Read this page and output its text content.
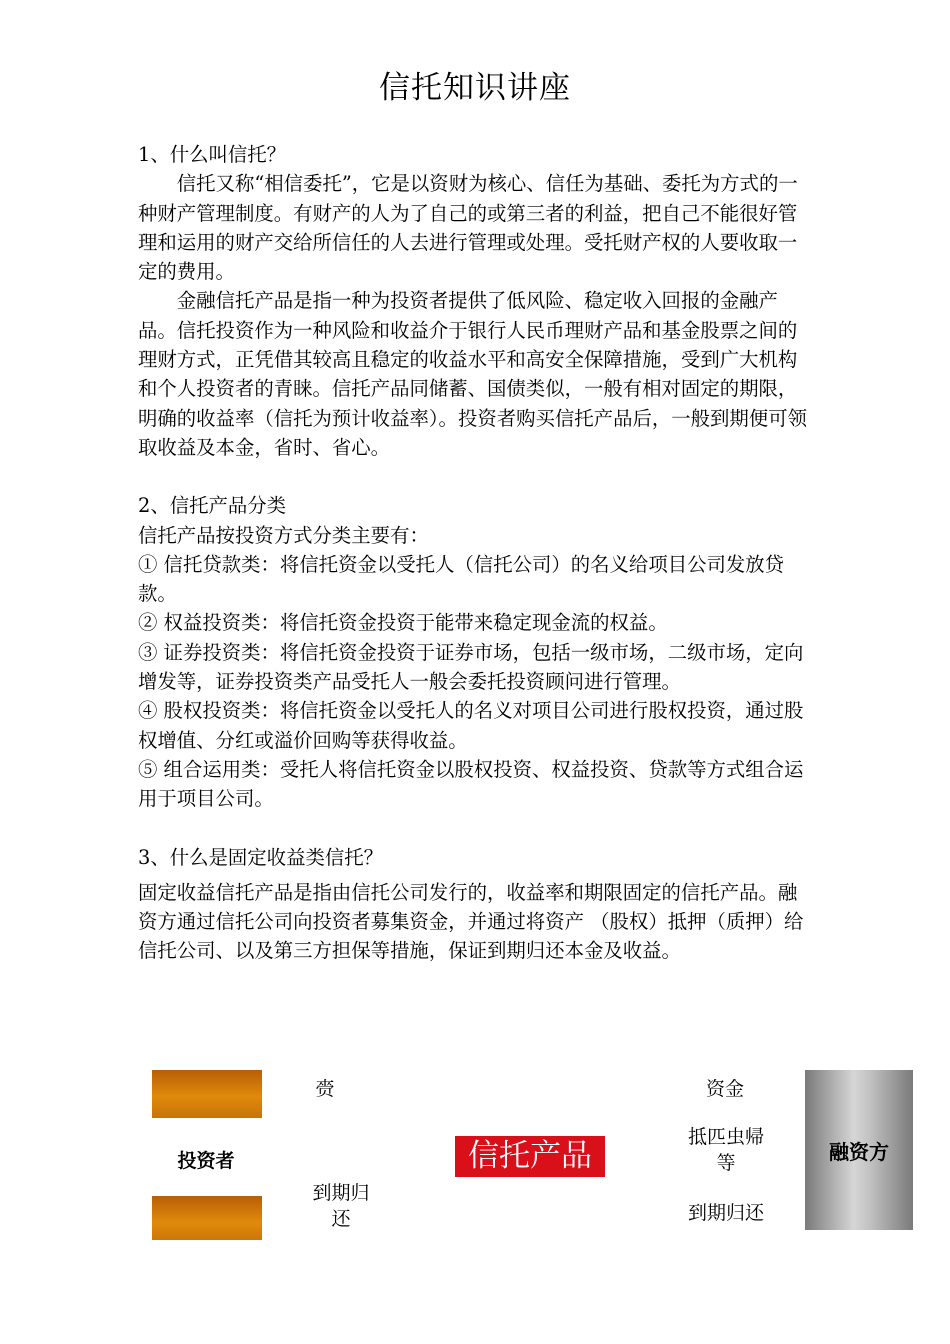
信托知识讲座

1、什么叫信托？

信托又称“相信委托”，它是以资财为核心、信任为基础、委托为方式的一种财产管理制度。有财产的人为了自己的或第三者的利益，把自己不能很好管理和运用的财产交给所信任的人去进行管理或处理。受托财产权的人要收取一定的费用。

金融信托产品是指一种为投资者提供了低风险、稳定收入回报的金融产品。信托投资作为一种风险和收益介于银行人民币理财产品和基金股票之间的理财方式，正凭借其较高且稳定的收益水平和高安全保障措施，受到广大机构和个人投资者的青睐。信托产品同储蓄、国债类似，一般有相对固定的期限，明确的收益率（信托为预计收益率）。投资者购买信托产品后，一般到期便可领取收益及本金，省时、省心。

2、信托产品分类

信托产品按投资方式分类主要有：

① 信托贷款类：将信托资金以受托人（信托公司）的名义给项目公司发放贷款。

② 权益投资类：将信托资金投资于能带来稳定现金流的权益。

③ 证券投资类：将信托资金投资于证券市场，包括一级市场，二级市场，定向增发等，证券投资类产品受托人一般会委托投资顾问进行管理。

④ 股权投资类：将信托资金以受托人的名义对项目公司进行股权投资，通过股权增值、分红或溢价回购等获得收益。

⑤ 组合运用类：受托人将信托资金以股权投资、权益投资、贷款等方式组合运用于项目公司。

3、什么是固定收益类信托？

固定收益信托产品是指由信托公司发行的，收益率和期限固定的信托产品。融资方通过信托公司向投资者募集资金，并通过将资产 （股权）抵押（质押）给信托公司、以及第三方担保等措施，保证到期归还本金及收益。

赍
投资者
到期归
还
信托产品
资金
抵匹虫帰
等
到期归还
融资方
